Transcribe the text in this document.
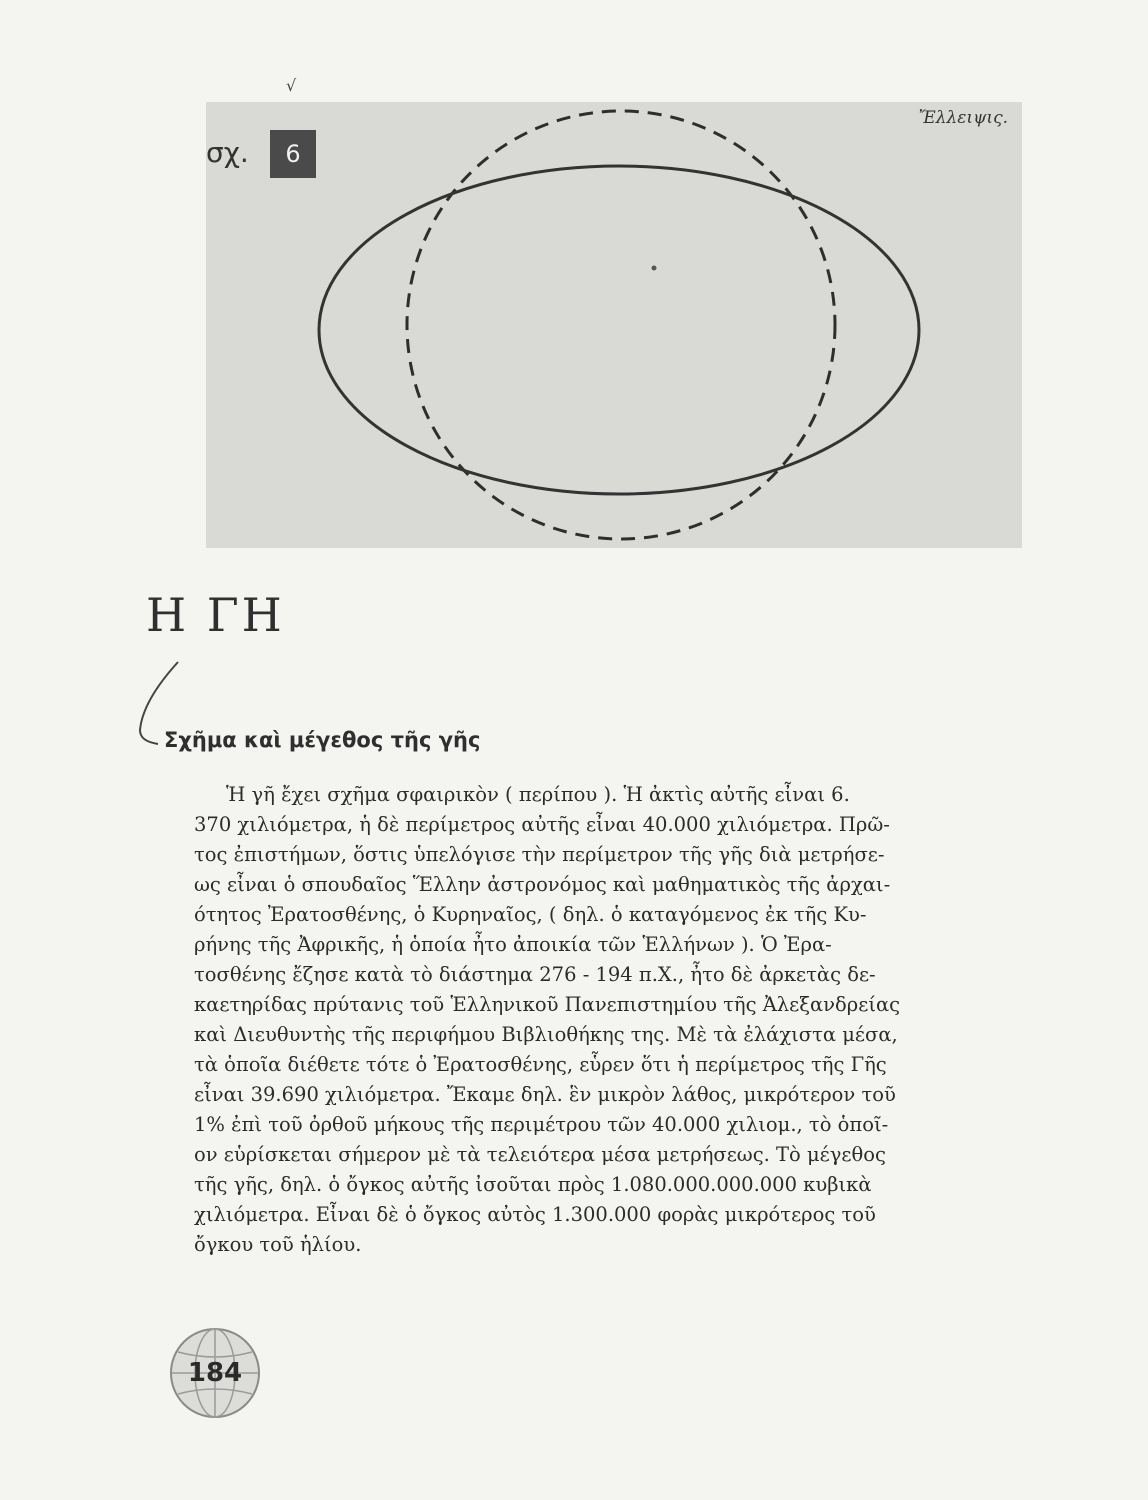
√
σχ.	6
Ἔλλειψις.
Η ΓΗ
Σχῆμα καὶ μέγεθος τῆς γῆς

Ἡ γῆ ἔχει σχῆμα σφαιρικὸν ( περίπου ). Ἡ ἀκτὶς αὐτῆς εἶναι 6.
370 χιλιόμετρα, ἡ δὲ περίμετρος αὐτῆς εἶναι 40.000 χιλιόμετρα. Πρῶ-
τος ἐπιστήμων, ὅστις ὑπελόγισε τὴν περίμετρον τῆς γῆς διὰ μετρήσε-
ως εἶναι ὁ σπουδαῖος Ἕλλην ἀστρονόμος καὶ μαθηματικὸς τῆς ἀρχαι-
ότητος Ἐρατοσθένης, ὁ Κυρηναῖος, ( δηλ. ὁ καταγόμενος ἐκ τῆς Κυ-
ρήνης τῆς Ἀφρικῆς, ἡ ὁποία ἦτο ἀποικία τῶν Ἑλλήνων ). Ὁ Ἐρα-
τοσθένης ἔζησε κατὰ τὸ διάστημα 276 - 194 π.Χ., ἦτο δὲ ἀρκετὰς δε-
καετηρίδας πρύτανις τοῦ Ἑλληνικοῦ Πανεπιστημίου τῆς Ἀλεξανδρείας
καὶ Διευθυντὴς τῆς περιφήμου Βιβλιοθήκης της. Μὲ τὰ ἐλάχιστα μέσα,
τὰ ὁποῖα διέθετε τότε ὁ Ἐρατοσθένης, εὗρεν ὅτι ἡ περίμετρος τῆς Γῆς
εἶναι 39.690 χιλιόμετρα. Ἔκαμε δηλ. ἓν μικρὸν λάθος, μικρότερον τοῦ
1% ἐπὶ τοῦ ὀρθοῦ μήκους τῆς περιμέτρου τῶν 40.000 χιλιομ., τὸ ὁποῖ-
ον εὑρίσκεται σήμερον μὲ τὰ τελειότερα μέσα μετρήσεως. Τὸ μέγεθος
τῆς γῆς, δηλ. ὁ ὄγκος αὐτῆς ἰσοῦται πρὸς 1.080.000.000.000 κυβικὰ
χιλιόμετρα. Εἶναι δὲ ὁ ὄγκος αὐτὸς 1.300.000 φορὰς μικρότερος τοῦ
ὄγκου τοῦ ἡλίου.

184
